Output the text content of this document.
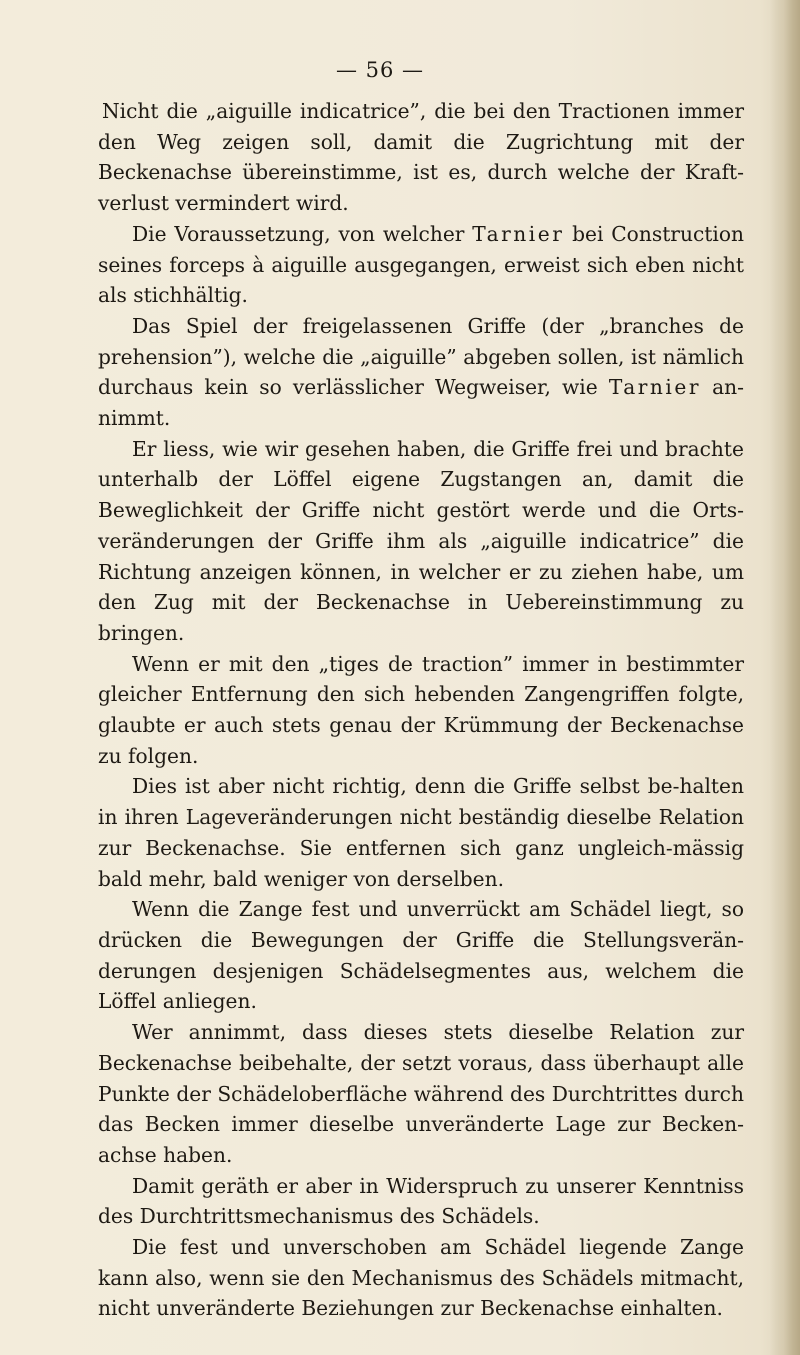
— 56 —

Nicht die „aiguille indicatrice”, die bei den Tractionen immer den Weg zeigen soll, damit die Zugrichtung mit der Beckenachse übereinstimme, ist es, durch welche der Kraft-verlust vermindert wird.

Die Voraussetzung, von welcher Tarnier bei Construction seines forceps à aiguille ausgegangen, erweist sich eben nicht als stichhältig.

Das Spiel der freigelassenen Griffe (der „branches de prehension”), welche die „aiguille” abgeben sollen, ist nämlich durchaus kein so verlässlicher Wegweiser, wie Tarnier an-nimmt.

Er liess, wie wir gesehen haben, die Griffe frei und brachte unterhalb der Löffel eigene Zugstangen an, damit die Beweglichkeit der Griffe nicht gestört werde und die Orts-veränderungen der Griffe ihm als „aiguille indicatrice” die Richtung anzeigen können, in welcher er zu ziehen habe, um den Zug mit der Beckenachse in Uebereinstimmung zu bringen.

Wenn er mit den „tiges de traction” immer in bestimmter gleicher Entfernung den sich hebenden Zangengriffen folgte, glaubte er auch stets genau der Krümmung der Beckenachse zu folgen.

Dies ist aber nicht richtig, denn die Griffe selbst be-halten in ihren Lageveränderungen nicht beständig dieselbe Relation zur Beckenachse. Sie entfernen sich ganz ungleich-mässig bald mehr, bald weniger von derselben.

Wenn die Zange fest und unverrückt am Schädel liegt, so drücken die Bewegungen der Griffe die Stellungsverän-derungen desjenigen Schädelsegmentes aus, welchem die Löffel anliegen.

Wer annimmt, dass dieses stets dieselbe Relation zur Beckenachse beibehalte, der setzt voraus, dass überhaupt alle Punkte der Schädeloberfläche während des Durchtrittes durch das Becken immer dieselbe unveränderte Lage zur Becken-achse haben.

Damit geräth er aber in Widerspruch zu unserer Kenntniss des Durchtrittsmechanismus des Schädels.

Die fest und unverschoben am Schädel liegende Zange kann also, wenn sie den Mechanismus des Schädels mitmacht, nicht unveränderte Beziehungen zur Beckenachse einhalten.
